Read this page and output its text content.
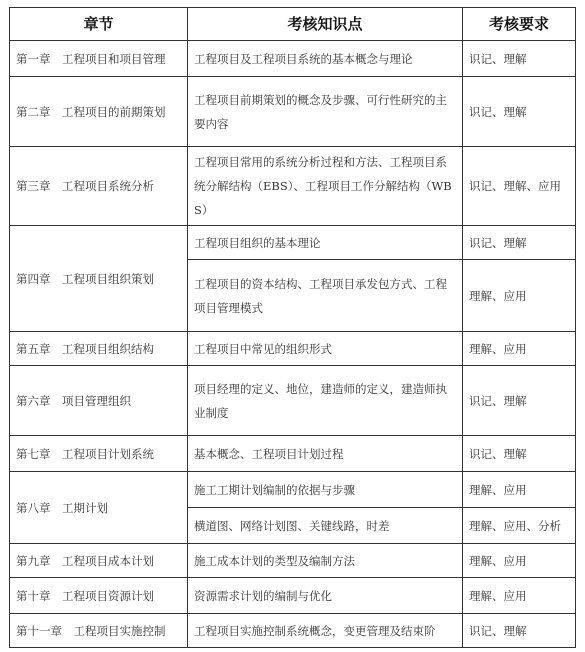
章节	考核知识点	考核要求
第一章　工程项目和项目管理	工程项目及工程项目系统的基本概念与理论	识记、理解
第二章　工程项目的前期策划	工程项目前期策划的概念及步骤、可行性研究的主要内容	识记、理解
第三章　工程项目系统分析	工程项目常用的系统分析过程和方法、工程项目系统分解结构（EBS）、工程项目工作分解结构（WBS）	识记、理解、应用
第四章　工程项目组织策划	工程项目组织的基本理论	识记、理解
	工程项目的资本结构、工程项目承发包方式、工程项目管理模式	理解、应用
第五章　工程项目组织结构	工程项目中常见的组织形式	理解、应用
第六章　项目管理组织	项目经理的定义、地位，建造师的定义，建造师执业制度	识记、理解
第七章　工程项目计划系统	基本概念、工程项目计划过程	识记、理解
第八章　工期计划	施工工期计划编制的依据与步骤	理解、应用
	横道图、网络计划图、关键线路，时差	理解、应用、分析
第九章　工程项目成本计划	施工成本计划的类型及编制方法	理解、应用
第十章　工程项目资源计划	资源需求计划的编制与优化	理解、应用
第十一章　工程项目实施控制	工程项目实施控制系统概念，变更管理及结束阶	识记、理解
